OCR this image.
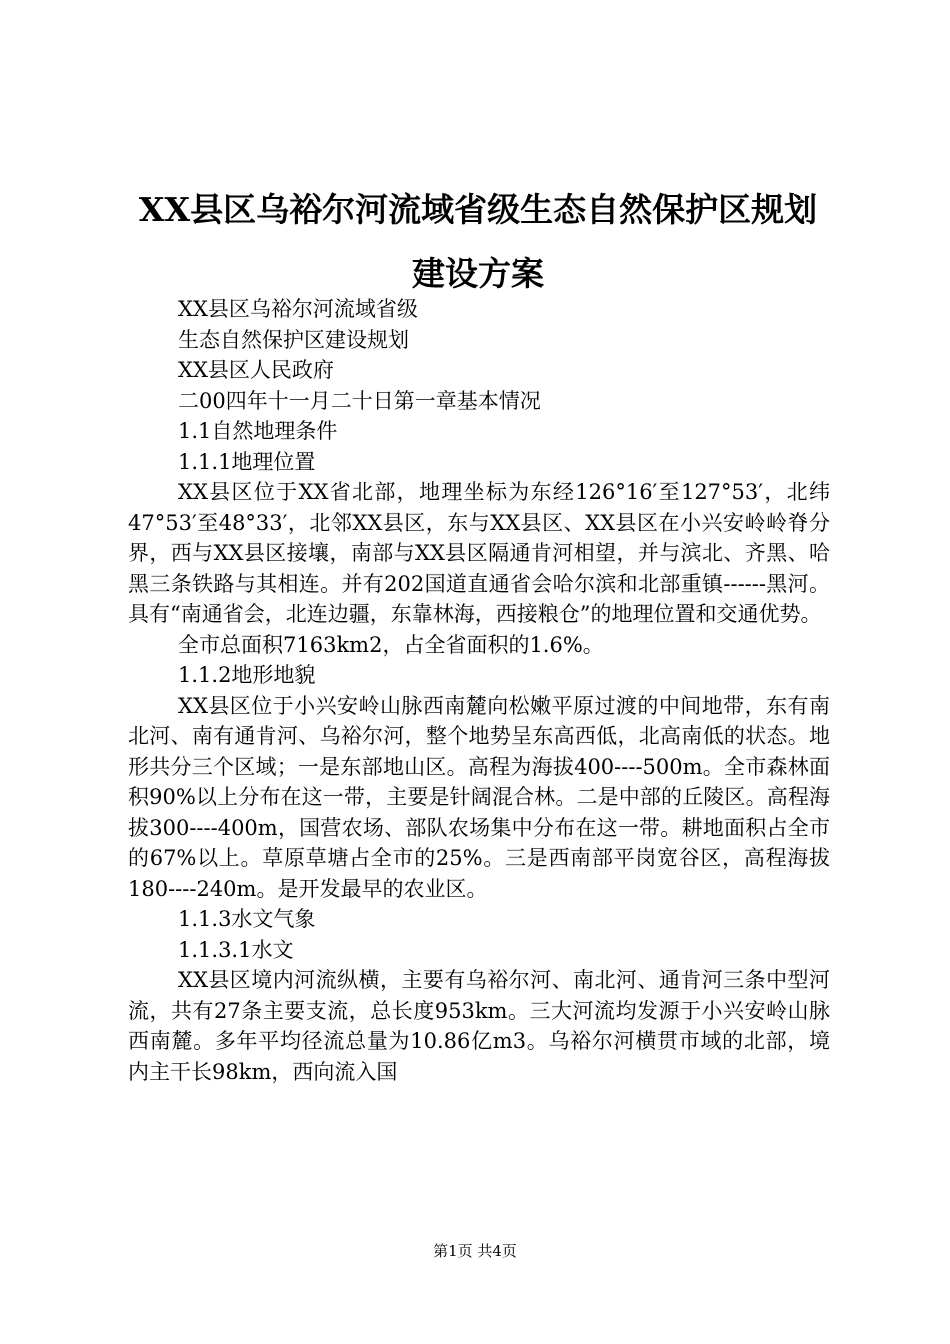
XX县区乌裕尔河流域省级生态自然保护区规划建设方案

XX县区乌裕尔河流域省级

生态自然保护区建设规划

XX县区人民政府

二00四年十一月二十日第一章基本情况

1.1自然地理条件

1.1.1地理位置

XX县区位于XX省北部，地理坐标为东经126°16′至127°53′，北纬47°53′至48°33′，北邻XX县区，东与XX县区、XX县区在小兴安岭岭脊分界，西与XX县区接壤，南部与XX县区隔通肯河相望，并与滨北、齐黑、哈黑三条铁路与其相连。并有202国道直通省会哈尔滨和北部重镇------黑河。具有“南通省会，北连边疆，东靠林海，西接粮仓”的地理位置和交通优势。

全市总面积7163km2，占全省面积的1.6%。

1.1.2地形地貌

XX县区位于小兴安岭山脉西南麓向松嫩平原过渡的中间地带，东有南北河、南有通肯河、乌裕尔河，整个地势呈东高西低，北高南低的状态。地形共分三个区域；一是东部地山区。高程为海拔400----500m。全市森林面积90%以上分布在这一带，主要是针阔混合林。二是中部的丘陵区。高程海拔300----400m，国营农场、部队农场集中分布在这一带。耕地面积占全市的67%以上。草原草塘占全市的25%。三是西南部平岗宽谷区，高程海拔180----240m。是开发最早的农业区。

1.1.3水文气象

1.1.3.1水文

XX县区境内河流纵横，主要有乌裕尔河、南北河、通肯河三条中型河流，共有27条主要支流，总长度953km。三大河流均发源于小兴安岭山脉西南麓。多年平均径流总量为10.86亿m3。乌裕尔河横贯市域的北部，境内主干长98km，西向流入国

第1页 共4页
